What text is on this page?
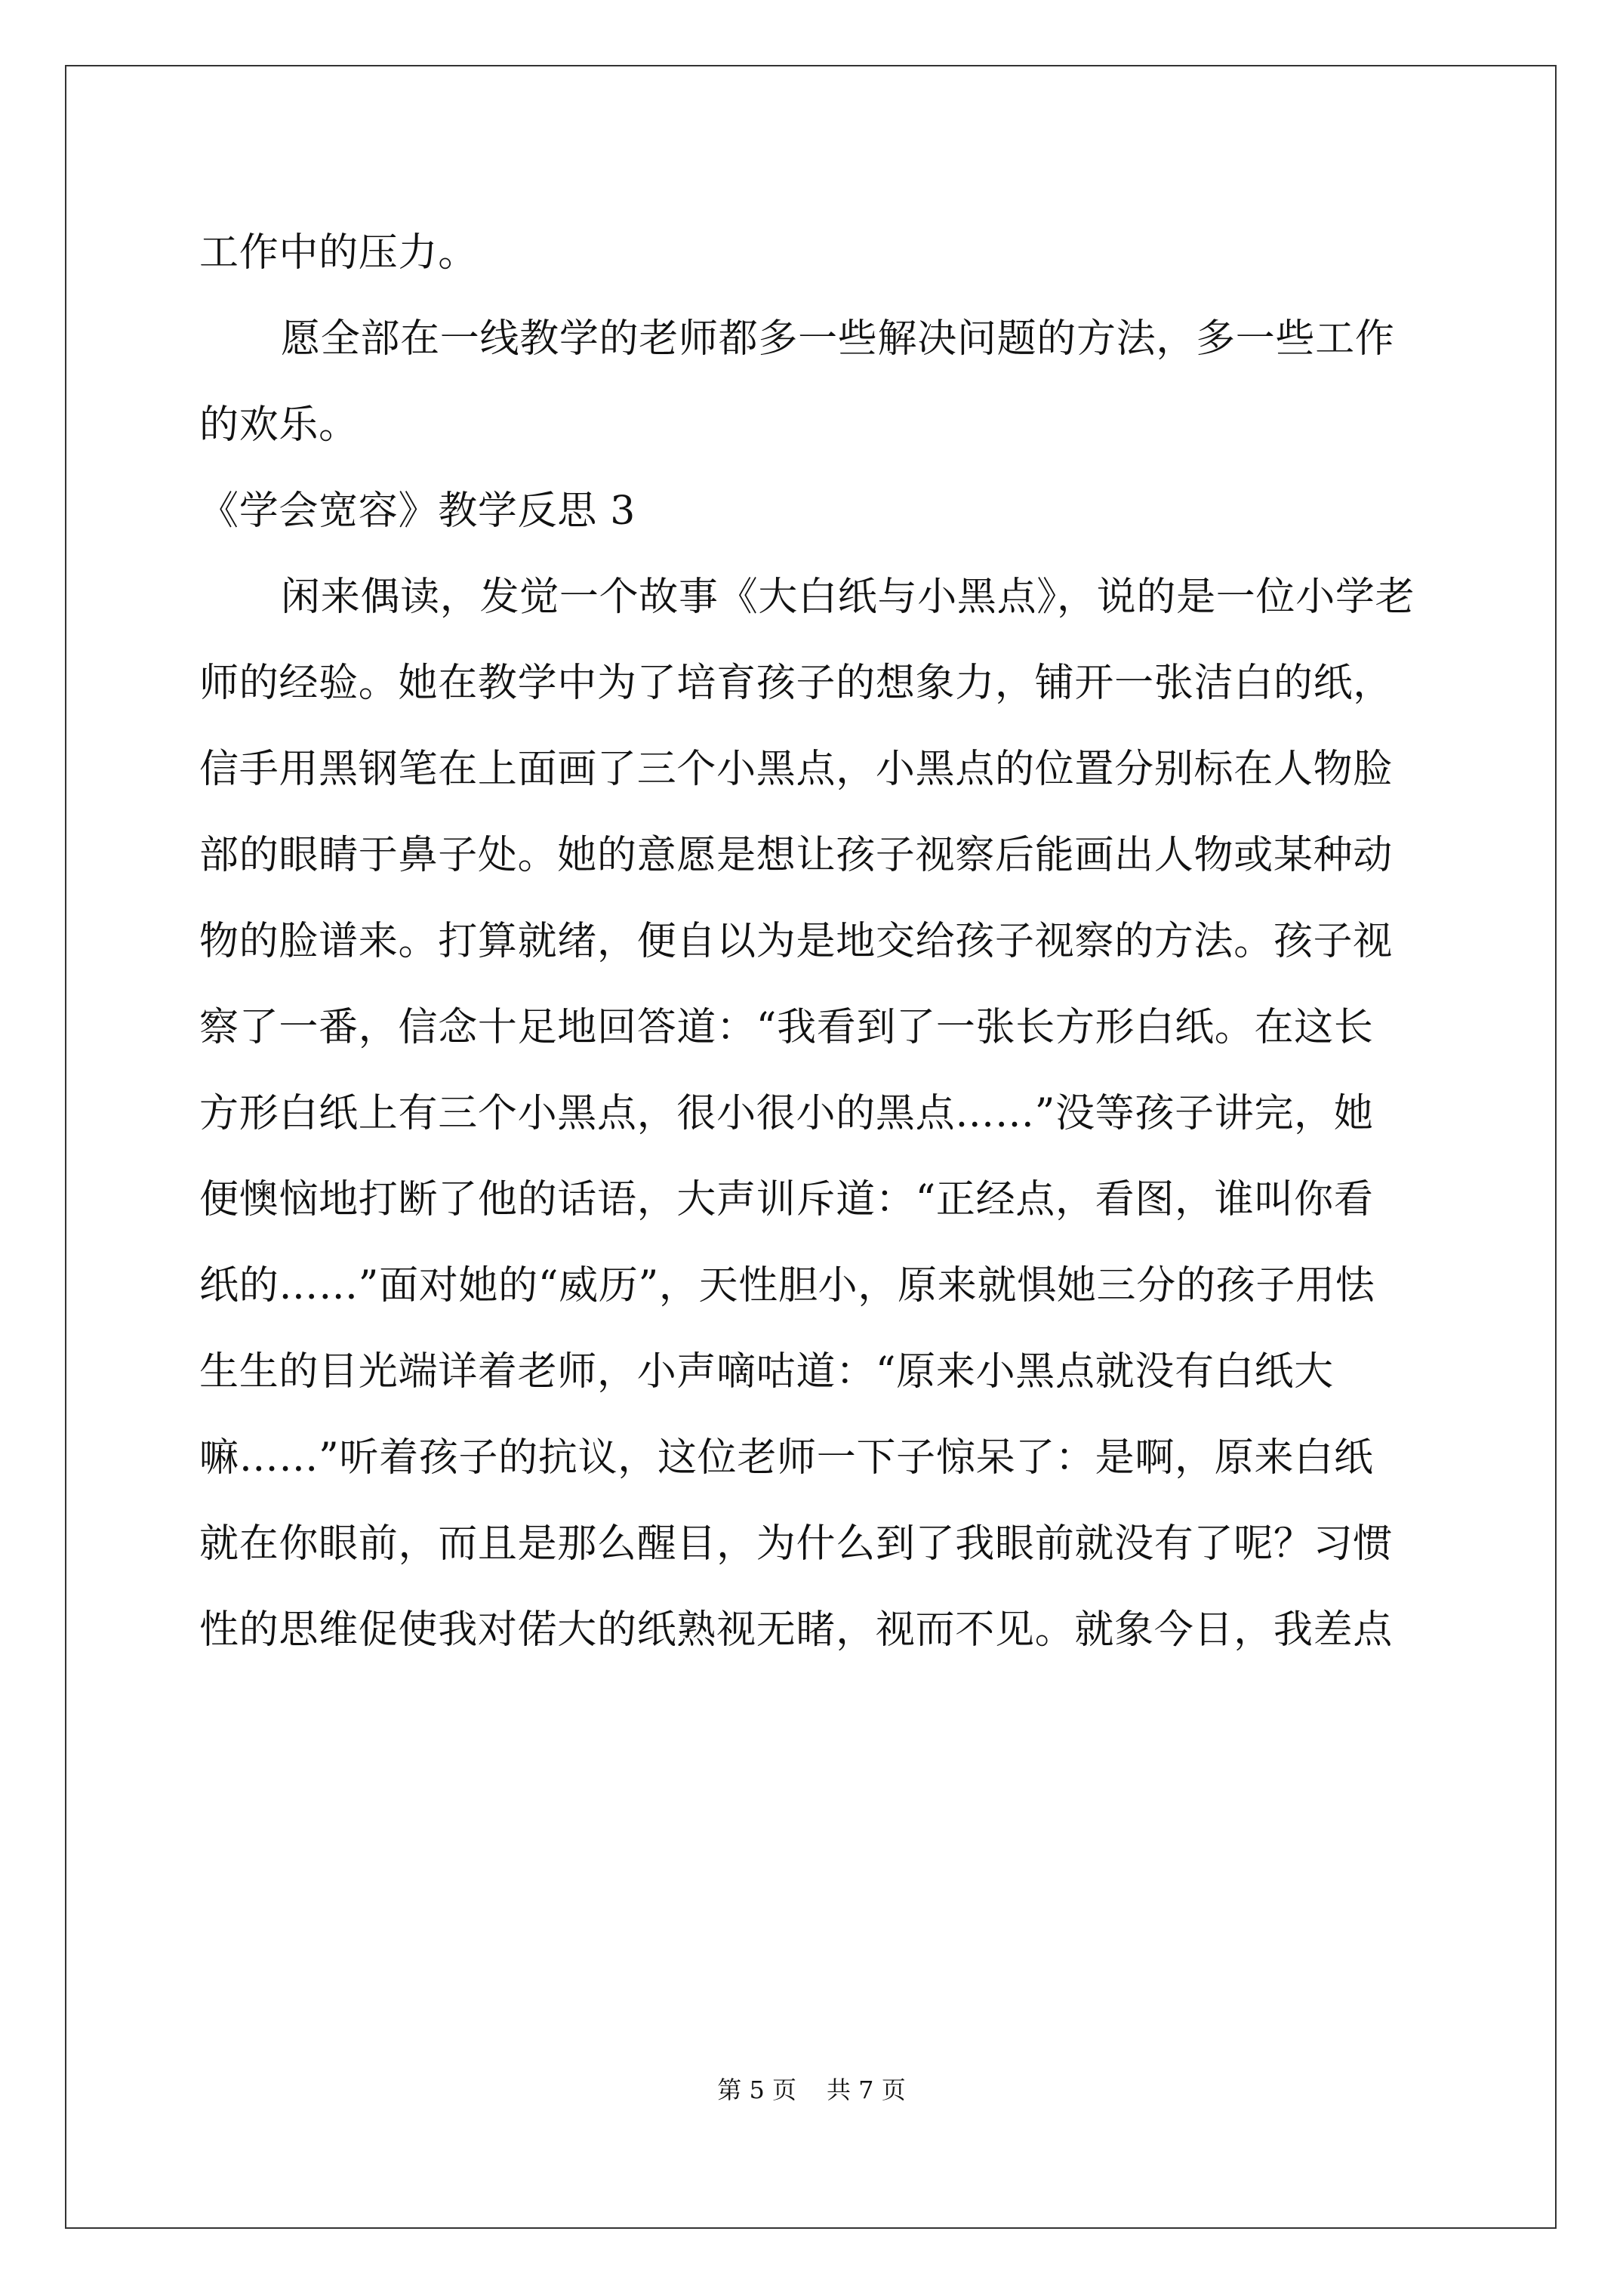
工作中的压力。
愿全部在一线教学的老师都多一些解决问题的方法，多一些工作
的欢乐。
《学会宽容》教学反思 3
闲来偶读，发觉一个故事《大白纸与小黑点》，说的是一位小学老
师的经验。她在教学中为了培育孩子的想象力，铺开一张洁白的纸，
信手用黑钢笔在上面画了三个小黑点，小黑点的位置分别标在人物脸
部的眼睛于鼻子处。她的意愿是想让孩子视察后能画出人物或某种动
物的脸谱来。打算就绪，便自以为是地交给孩子视察的方法。孩子视
察了一番，信念十足地回答道：“我看到了一张长方形白纸。在这长
方形白纸上有三个小黑点，很小很小的黑点……”没等孩子讲完，她
便懊恼地打断了他的话语，大声训斥道：“正经点，看图，谁叫你看
纸的……”面对她的“威历”，天性胆小，原来就惧她三分的孩子用怯
生生的目光端详着老师，小声嘀咕道：“原来小黑点就没有白纸大
嘛……”听着孩子的抗议，这位老师一下子惊呆了：是啊，原来白纸
就在你眼前，而且是那么醒目，为什么到了我眼前就没有了呢？习惯
性的思维促使我对偌大的纸熟视无睹，视而不见。就象今日，我差点
第 5 页 共 7 页
